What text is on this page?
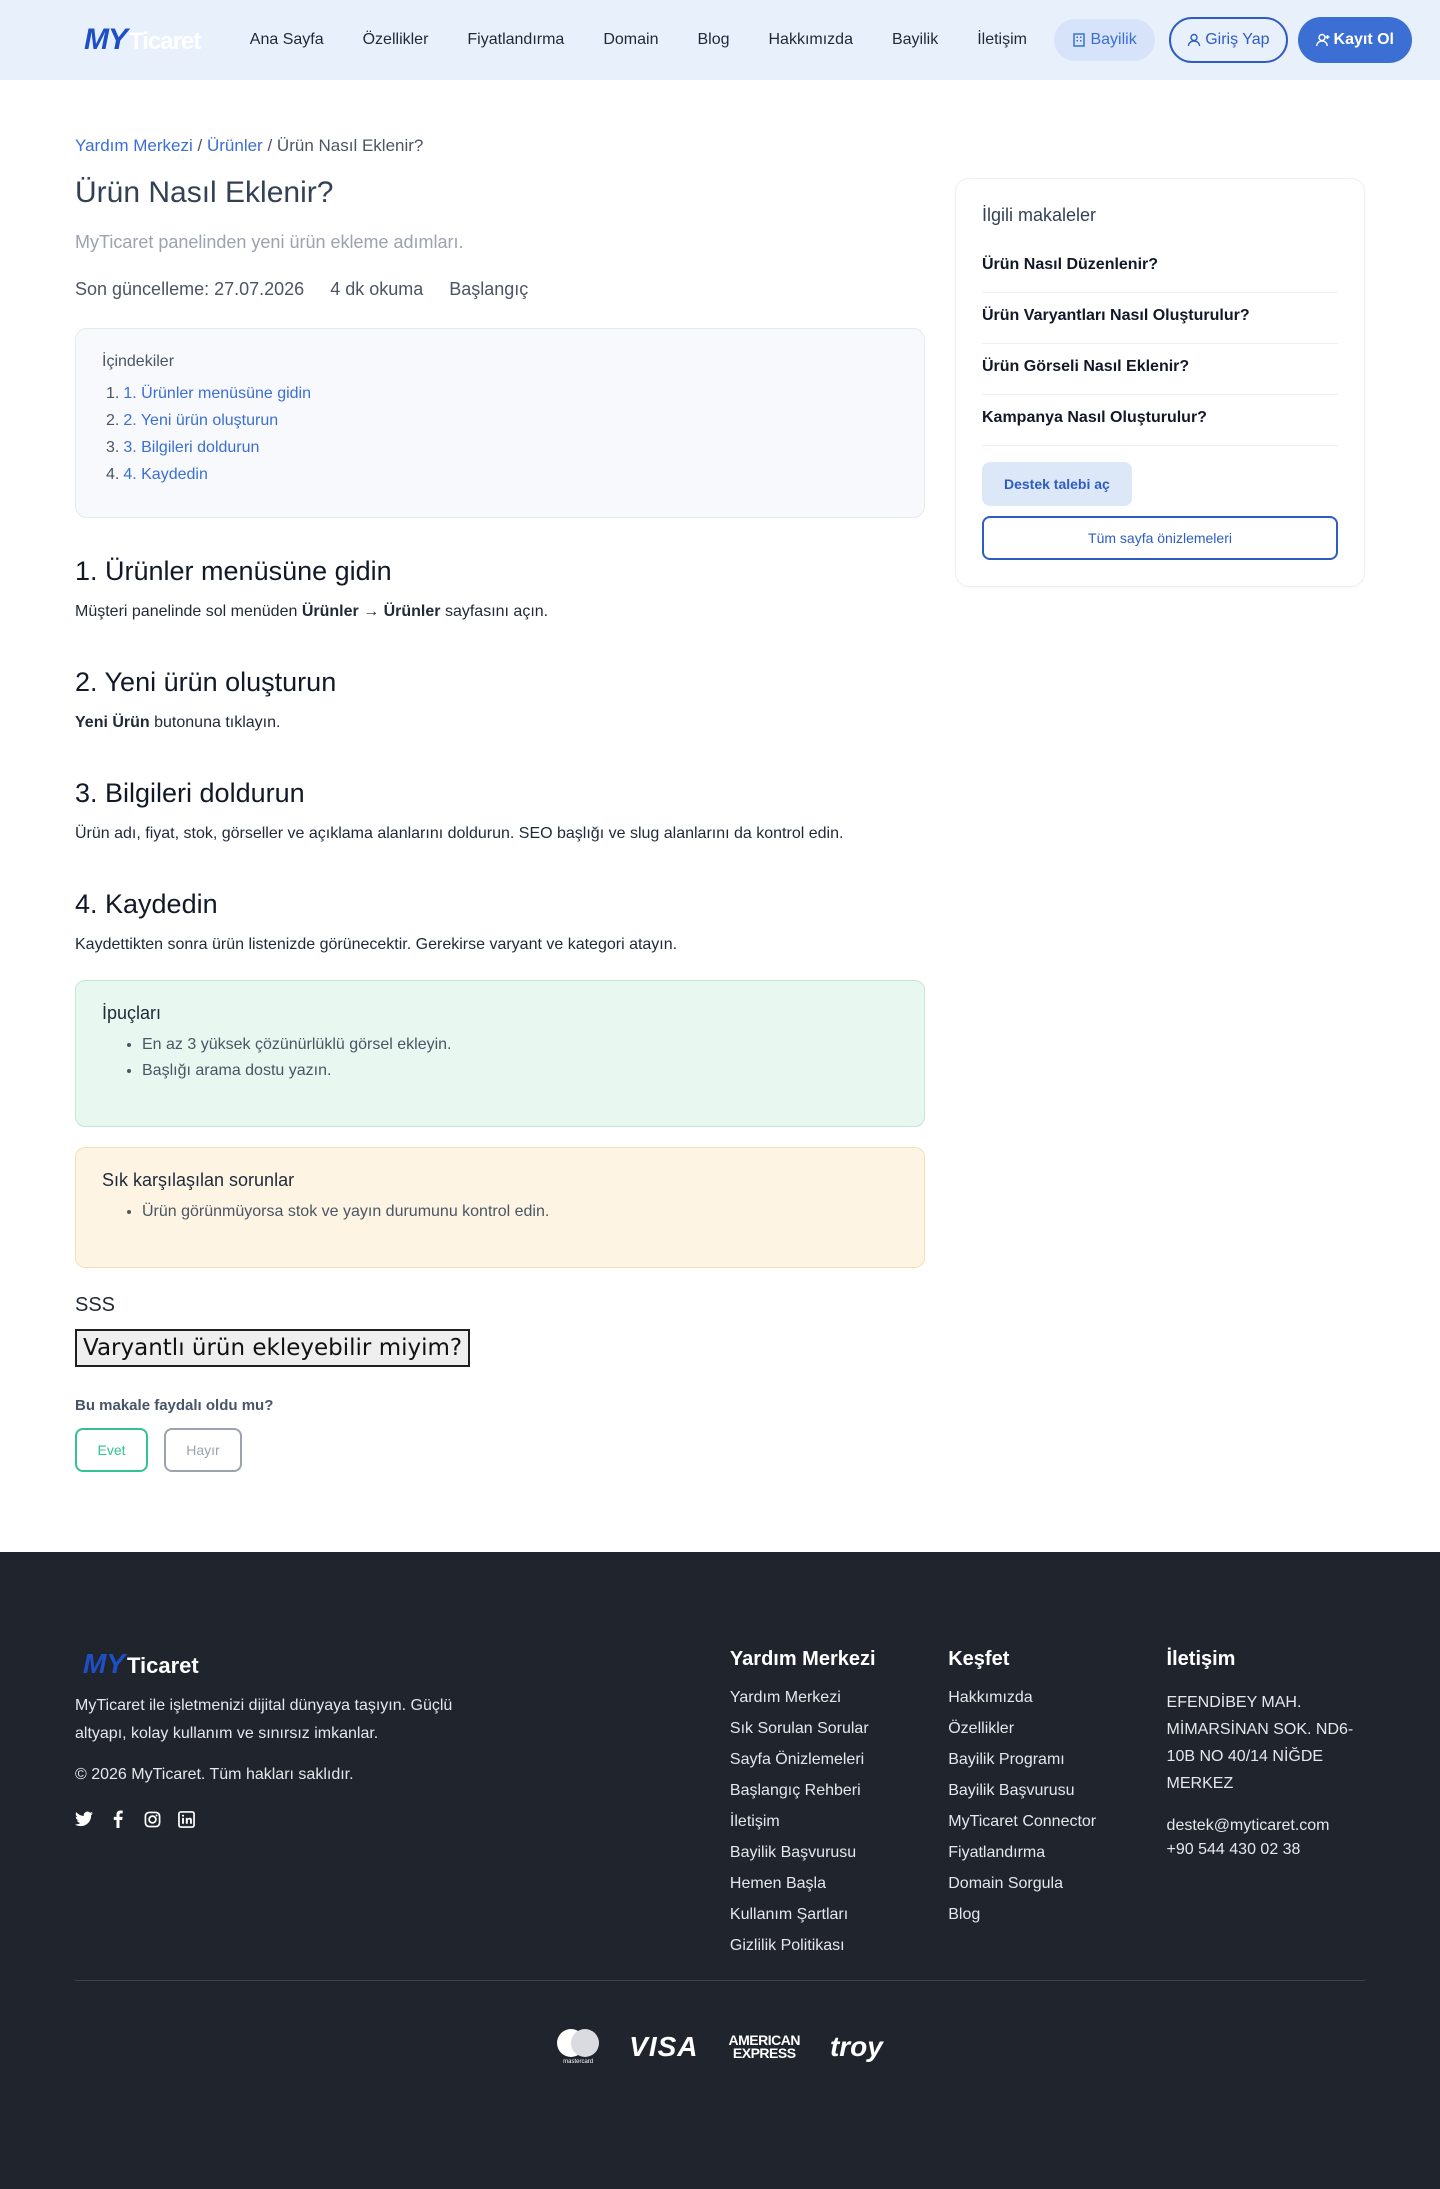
MY Ticaret	Ana Sayfa	Özellikler	Fiyatlandırma	Domain	Blog	Hakkımızda	Bayilik	İletişim	Bayilik	Giriş Yap	Kayıt Ol
Yardım Merkezi / Ürünler / Ürün Nasıl Eklenir?
Ürün Nasıl Eklenir?

MyTicaret panelinden yeni ürün ekleme adımları.

Son güncelleme: 27.07.2026 4 dk okuma Başlangıç
İçindekiler
1. 1. Ürünler menüsüne gidin
2. 2. Yeni ürün oluşturun
3. 3. Bilgileri doldurun
4. 4. Kaydedin
1. Ürünler menüsüne gidin

Müşteri panelinde sol menüden Ürünler → Ürünler sayfasını açın.

2. Yeni ürün oluşturun

Yeni Ürün butonuna tıklayın.

3. Bilgileri doldurun

Ürün adı, fiyat, stok, görseller ve açıklama alanlarını doldurun. SEO başlığı ve slug alanlarını da kontrol edin.

4. Kaydedin

Kaydettikten sonra ürün listenizde görünecektir. Gerekirse varyant ve kategori atayın.

İpuçları
• En az 3 yüksek çözünürlüklü görsel ekleyin.
• Başlığı arama dostu yazın.
Sık karşılaşılan sorunlar
• Ürün görünmüyorsa stok ve yayın durumunu kontrol edin.
SSS
Varyantlı ürün ekleyebilir miyim?
Bu makale faydalı oldu mu?
Evet	Hayır
İlgili makaleler
Ürün Nasıl Düzenlenir?
Ürün Varyantları Nasıl Oluşturulur?
Ürün Görseli Nasıl Eklenir?
Kampanya Nasıl Oluşturulur?
Destek talebi aç
Tüm sayfa önizlemeleri
MY Ticaret

MyTicaret ile işletmenizi dijital dünyaya taşıyın. Güçlü altyapı, kolay kullanım ve sınırsız imkanlar.

© 2026 MyTicaret. Tüm hakları saklıdır.

Yardım Merkezi
Yardım Merkezi
Sık Sorulan Sorular
Sayfa Önizlemeleri
Başlangıç Rehberi
İletişim
Bayilik Başvurusu
Hemen Başla
Kullanım Şartları
Gizlilik Politikası
Keşfet
Hakkımızda
Özellikler
Bayilik Programı
Bayilik Başvurusu
MyTicaret Connector
Fiyatlandırma
Domain Sorgula
Blog
İletişim

EFENDİBEY MAH. MİMARSİNAN SOK. ND6-10B NO 40/14 NİĞDE MERKEZ

destek@myticaret.com

+90 544 430 02 38

mastercard VISA AMERICAN
EXPRESS troy
